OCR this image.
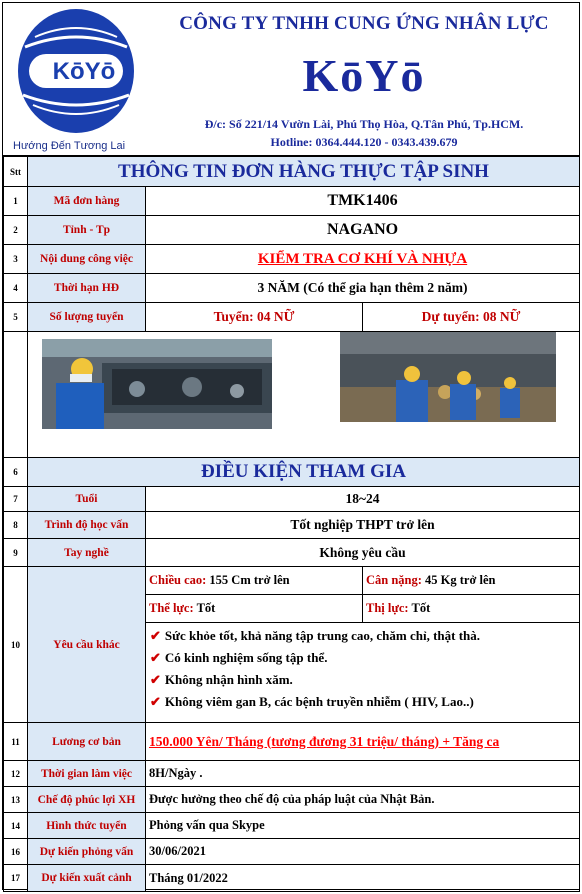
KōYō
Hướng Đến Tương Lai
CÔNG TY TNHH CUNG ỨNG NHÂN LỰC
KōYō
Đ/c: Số 221/14 Vườn Lài, Phú Thọ Hòa, Q.Tân Phú, Tp.HCM.
Hotline: 0364.444.120 - 0343.439.679
Stt	THÔNG TIN ĐƠN HÀNG THỰC TẬP SINH		
1	Mã đơn hàng	TMK1406	
2	Tỉnh - Tp	NAGANO	
3	Nội dung công việc	KIỂM TRA CƠ KHÍ VÀ NHỰA	
4	Thời hạn HĐ	3 NĂM (Có thể gia hạn thêm 2 năm)	
5	Số lượng tuyển	Tuyển: 04 NỮ	Dự tuyển: 08 NỮ

6	ĐIỀU KIỆN THAM GIA		
7	Tuổi	18~24	
8	Trình độ học vấn	Tốt nghiệp THPT trở lên	
9	Tay nghề	Không yêu cầu	
10	Yêu cầu khác	Chiều cao: 155 Cm trở lên	Cân nặng: 45 Kg trở lên
		Thể lực: Tốt	Thị lực: Tốt

		✔ Sức khỏe tốt, khả năng tập trung cao, chăm chỉ, thật thà.
✔ Có kinh nghiệm sống tập thể.
✔ Không nhận hình xăm.
✔ Không viêm gan B, các bệnh truyền nhiễm ( HIV, Lao..)	

11	Lương cơ bản	150.000 Yên/ Tháng (tương đương 31 triệu/ tháng) + Tăng ca	
12	Thời gian làm việc	8H/Ngày .	
13	Chế độ phúc lợi XH	Được hưởng theo chế độ của pháp luật của Nhật Bản.	
14	Hình thức tuyển	Phỏng vấn qua Skype	
16	Dự kiến phỏng vấn	30/06/2021	
17	Dự kiến xuất cảnh	Tháng 01/2022	
